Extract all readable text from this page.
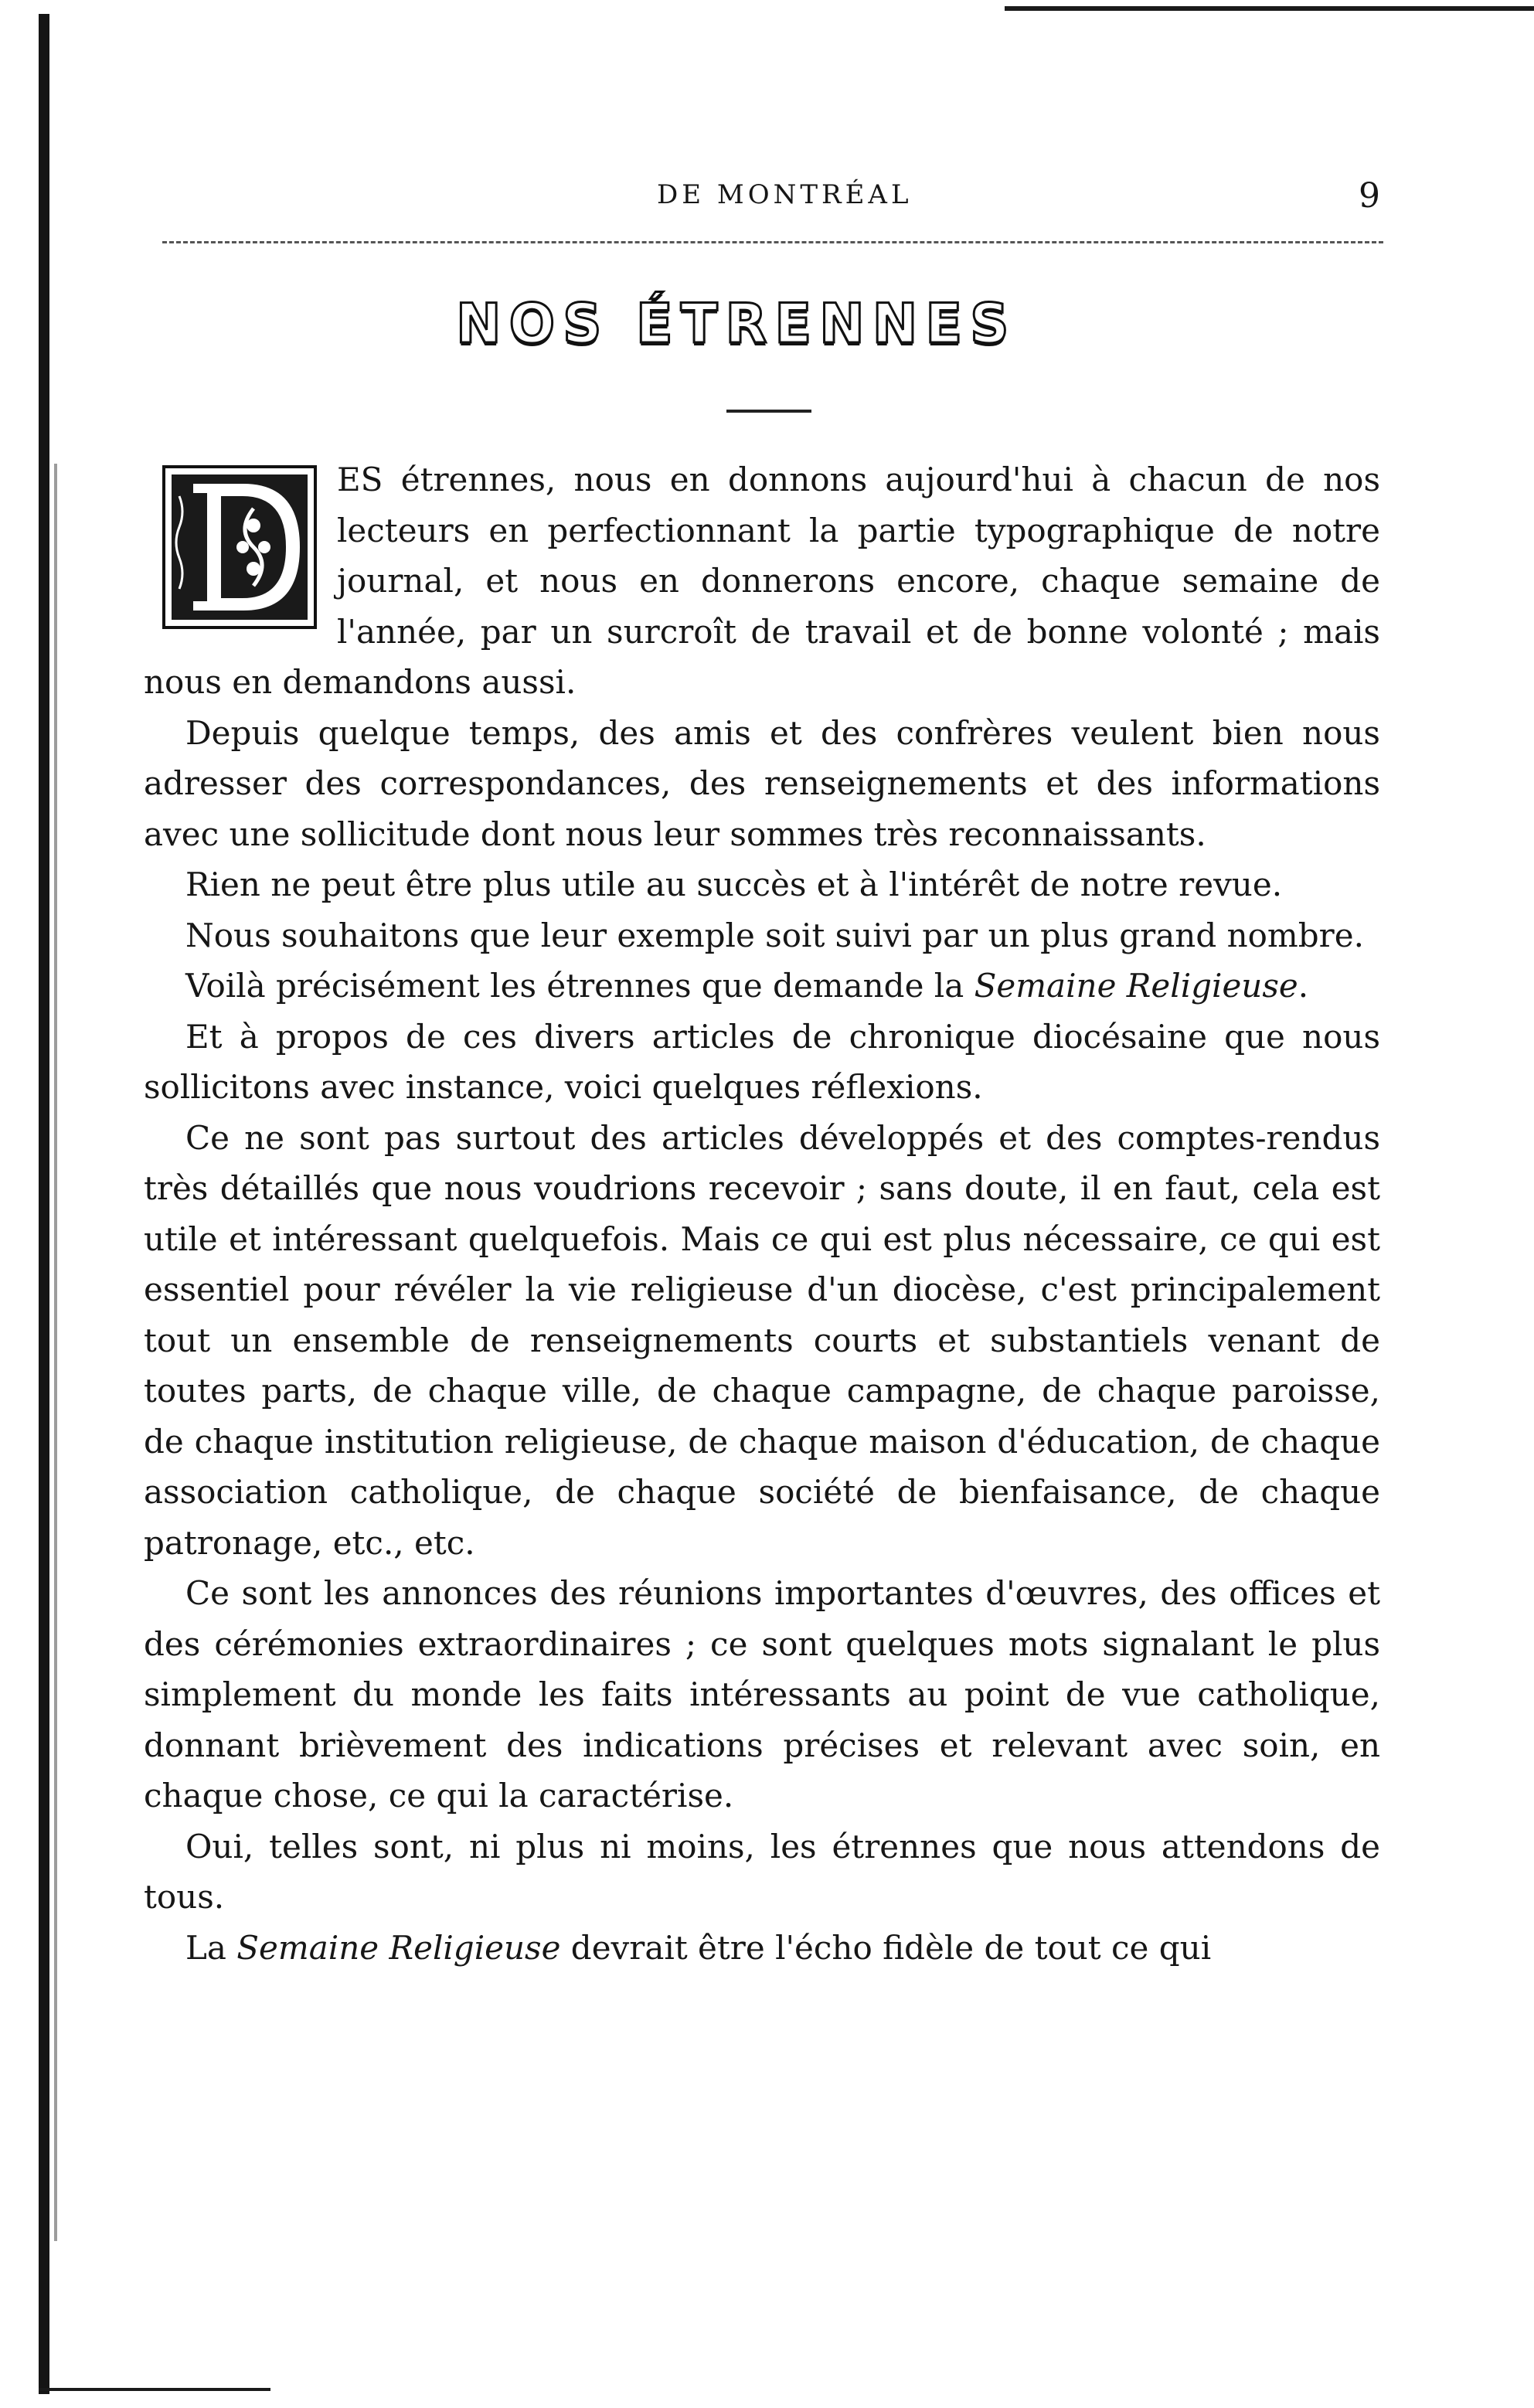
DE MONTRÉAL	9
NOS ÉTRENNES

ES étrennes, nous en donnons aujourd'hui à chacun de nos lecteurs en perfectionnant la partie typographique de notre journal, et nous en donnerons encore, chaque semaine de l'année, par un surcroît de travail et de bonne volonté ; mais nous en demandons aussi.

Depuis quelque temps, des amis et des confrères veulent bien nous adresser des correspondances, des renseignements et des informations avec une sollicitude dont nous leur sommes très reconnaissants.

Rien ne peut être plus utile au succès et à l'intérêt de notre revue.

Nous souhaitons que leur exemple soit suivi par un plus grand nombre.

Voilà précisément les étrennes que demande la Semaine Religieuse.

Et à propos de ces divers articles de chronique diocésaine que nous sollicitons avec instance, voici quelques réflexions.

Ce ne sont pas surtout des articles développés et des comptes-rendus très détaillés que nous voudrions recevoir ; sans doute, il en faut, cela est utile et intéressant quelquefois. Mais ce qui est plus nécessaire, ce qui est essentiel pour révéler la vie religieuse d'un diocèse, c'est principalement tout un ensemble de renseignements courts et substantiels venant de toutes parts, de chaque ville, de chaque campagne, de chaque paroisse, de chaque institution religieuse, de chaque maison d'éducation, de chaque association catholique, de chaque société de bienfaisance, de chaque patronage, etc., etc.

Ce sont les annonces des réunions importantes d'œuvres, des offices et des cérémonies extraordinaires ; ce sont quelques mots signalant le plus simplement du monde les faits intéressants au point de vue catholique, donnant brièvement des indications précises et relevant avec soin, en chaque chose, ce qui la caractérise.

Oui, telles sont, ni plus ni moins, les étrennes que nous attendons de tous.

La Semaine Religieuse devrait être l'écho fidèle de tout ce qui
